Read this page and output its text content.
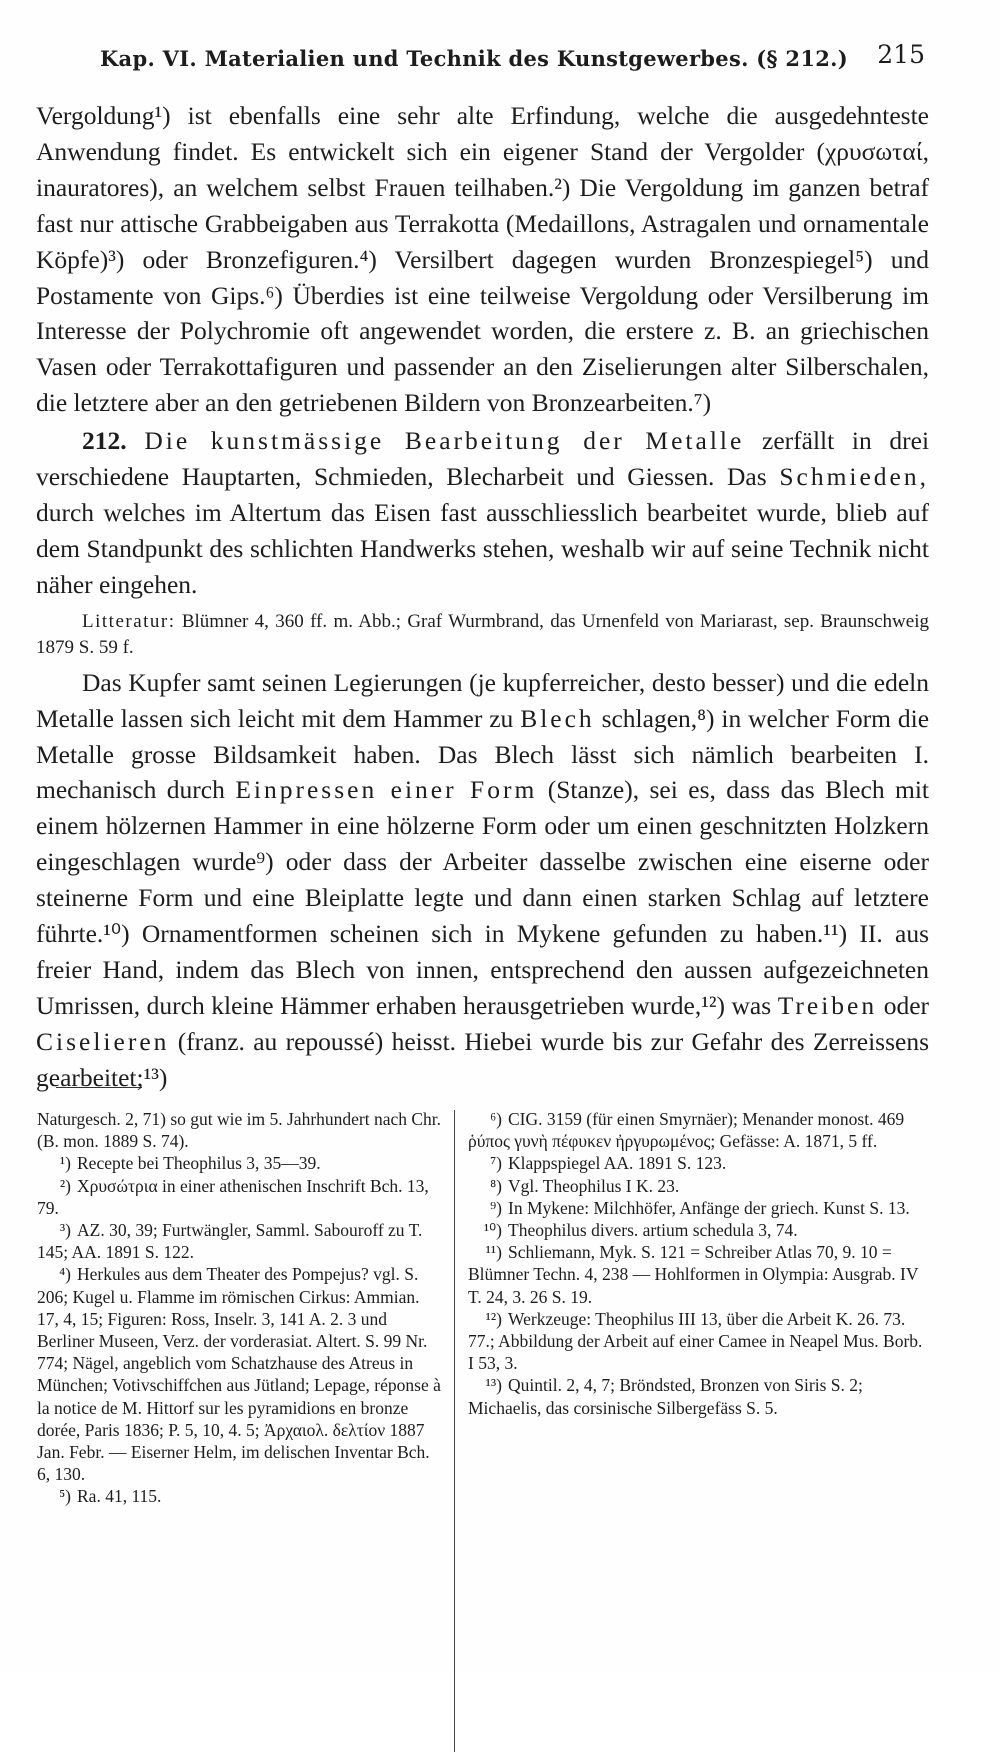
Kap. VI. Materialien und Technik des Kunstgewerbes. (§ 212.) 215

Vergoldung¹) ist ebenfalls eine sehr alte Erfindung, welche die ausgedehnteste Anwendung findet. Es entwickelt sich ein eigener Stand der Vergolder (χρυσωταί, inauratores), an welchem selbst Frauen teilhaben.²) Die Vergoldung im ganzen betraf fast nur attische Grabbeigaben aus Terrakotta (Medaillons, Astragalen und ornamentale Köpfe)³) oder Bronzefiguren.⁴) Versilbert dagegen wurden Bronzespiegel⁵) und Postamente von Gips.⁶) Überdies ist eine teilweise Vergoldung oder Versilberung im Interesse der Polychromie oft angewendet worden, die erstere z. B. an griechischen Vasen oder Terrakottafiguren und passender an den Ziselierungen alter Silberschalen, die letztere aber an den getriebenen Bildern von Bronzearbeiten.⁷)

212. Die kunstmässige Bearbeitung der Metalle zerfällt in drei verschiedene Hauptarten, Schmieden, Blecharbeit und Giessen. Das Schmieden, durch welches im Altertum das Eisen fast ausschliesslich bearbeitet wurde, blieb auf dem Standpunkt des schlichten Handwerks stehen, weshalb wir auf seine Technik nicht näher eingehen.

Litteratur: Blümner 4, 360 ff. m. Abb.; Graf Wurmbrand, das Urnenfeld von Mariarast, sep. Braunschweig 1879 S. 59 f.

Das Kupfer samt seinen Legierungen (je kupferreicher, desto besser) und die edeln Metalle lassen sich leicht mit dem Hammer zu Blech schlagen,⁸) in welcher Form die Metalle grosse Bildsamkeit haben. Das Blech lässt sich nämlich bearbeiten I. mechanisch durch Einpressen einer Form (Stanze), sei es, dass das Blech mit einem hölzernen Hammer in eine hölzerne Form oder um einen geschnitzten Holzkern eingeschlagen wurde⁹) oder dass der Arbeiter dasselbe zwischen eine eiserne oder steinerne Form und eine Bleiplatte legte und dann einen starken Schlag auf letztere führte.¹⁰) Ornamentformen scheinen sich in Mykene gefunden zu haben.¹¹) II. aus freier Hand, indem das Blech von innen, entsprechend den aussen aufgezeichneten Umrissen, durch kleine Hämmer erhaben herausgetrieben wurde,¹²) was Treiben oder Ciselieren (franz. au repoussé) heisst. Hiebei wurde bis zur Gefahr des Zerreissens gearbeitet;¹³)

Naturgesch. 2, 71) so gut wie im 5. Jahrhundert nach Chr. (B. mon. 1889 S. 74).

¹) Recepte bei Theophilus 3, 35—39.

²) Χρυσώτρια in einer athenischen Inschrift Bch. 13, 79.

³) AZ. 30, 39; Furtwängler, Samml. Sabouroff zu T. 145; AA. 1891 S. 122.

⁴) Herkules aus dem Theater des Pompejus? vgl. S. 206; Kugel u. Flamme im römischen Cirkus: Ammian. 17, 4, 15; Figuren: Ross, Inselr. 3, 141 A. 2. 3 und Berliner Museen, Verz. der vorderasiat. Altert. S. 99 Nr. 774; Nägel, angeblich vom Schatzhause des Atreus in München; Votivschiffchen aus Jütland; Lepage, réponse à la notice de M. Hittorf sur les pyramidions en bronze dorée, Paris 1836; P. 5, 10, 4. 5; Ἀρχαιολ. δελτίον 1887 Jan. Febr. — Eiserner Helm, im delischen Inventar Bch. 6, 130.

⁵) Ra. 41, 115.

⁶) CIG. 3159 (für einen Smyrnäer); Menander monost. 469 ῥύπος γυνὴ πέφυκεν ἠργυρωμένος; Gefässe: A. 1871, 5 ff.

⁷) Klappspiegel AA. 1891 S. 123.

⁸) Vgl. Theophilus I K. 23.

⁹) In Mykene: Milchhöfer, Anfänge der griech. Kunst S. 13.

¹⁰) Theophilus divers. artium schedula 3, 74.

¹¹) Schliemann, Myk. S. 121 = Schreiber Atlas 70, 9. 10 = Blümner Techn. 4, 238 — Hohlformen in Olympia: Ausgrab. IV T. 24, 3. 26 S. 19.

¹²) Werkzeuge: Theophilus III 13, über die Arbeit K. 26. 73. 77.; Abbildung der Arbeit auf einer Camee in Neapel Mus. Borb. I 53, 3.

¹³) Quintil. 2, 4, 7; Bröndsted, Bronzen von Siris S. 2; Michaelis, das corsinische Silbergefäss S. 5.
